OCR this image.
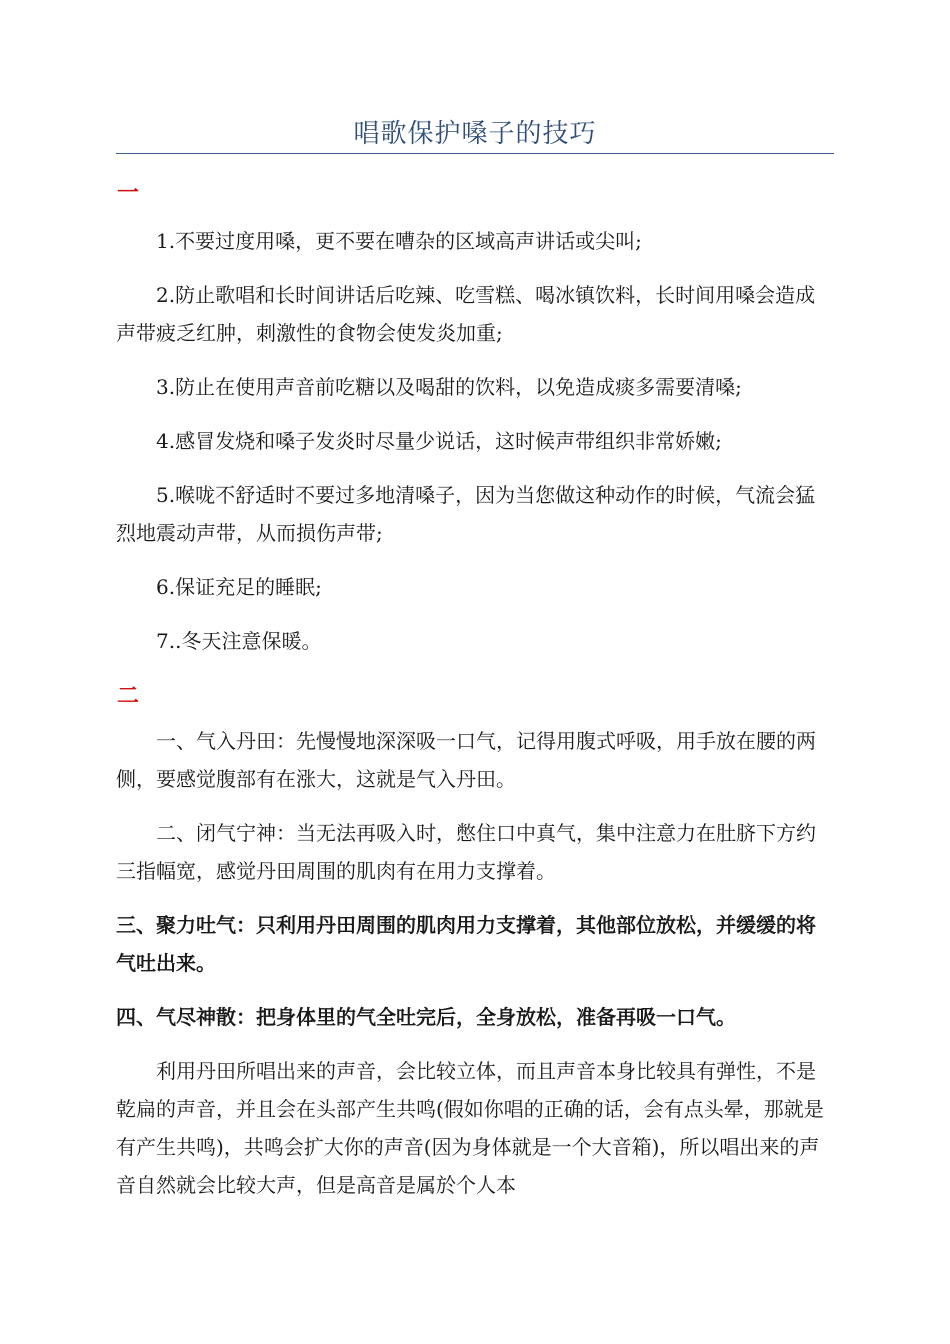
唱歌保护嗓子的技巧
一
1.不要过度用嗓，更不要在嘈杂的区域高声讲话或尖叫;
2.防止歌唱和长时间讲话后吃辣、吃雪糕、喝冰镇饮料，长时间用嗓会造成声带疲乏红肿，刺激性的食物会使发炎加重;
3.防止在使用声音前吃糖以及喝甜的饮料，以免造成痰多需要清嗓;
4.感冒发烧和嗓子发炎时尽量少说话，这时候声带组织非常娇嫩;
5.喉咙不舒适时不要过多地清嗓子，因为当您做这种动作的时候，气流会猛烈地震动声带，从而损伤声带;
6.保证充足的睡眠;
7..冬天注意保暖。
二
一、气入丹田：先慢慢地深深吸一口气，记得用腹式呼吸，用手放在腰的两侧，要感觉腹部有在涨大，这就是气入丹田。
二、闭气宁神：当无法再吸入时，憋住口中真气，集中注意力在肚脐下方约三指幅宽，感觉丹田周围的肌肉有在用力支撑着。
三、聚力吐气：只利用丹田周围的肌肉用力支撑着，其他部位放松，并缓缓的将气吐出来。
四、气尽神散：把身体里的气全吐完后，全身放松，准备再吸一口气。
利用丹田所唱出来的声音，会比较立体，而且声音本身比较具有弹性，不是乾扁的声音，并且会在头部产生共鸣(假如你唱的正确的话，会有点头晕，那就是有产生共鸣)，共鸣会扩大你的声音(因为身体就是一个大音箱)，所以唱出来的声音自然就会比较大声，但是高音是属於个人本
